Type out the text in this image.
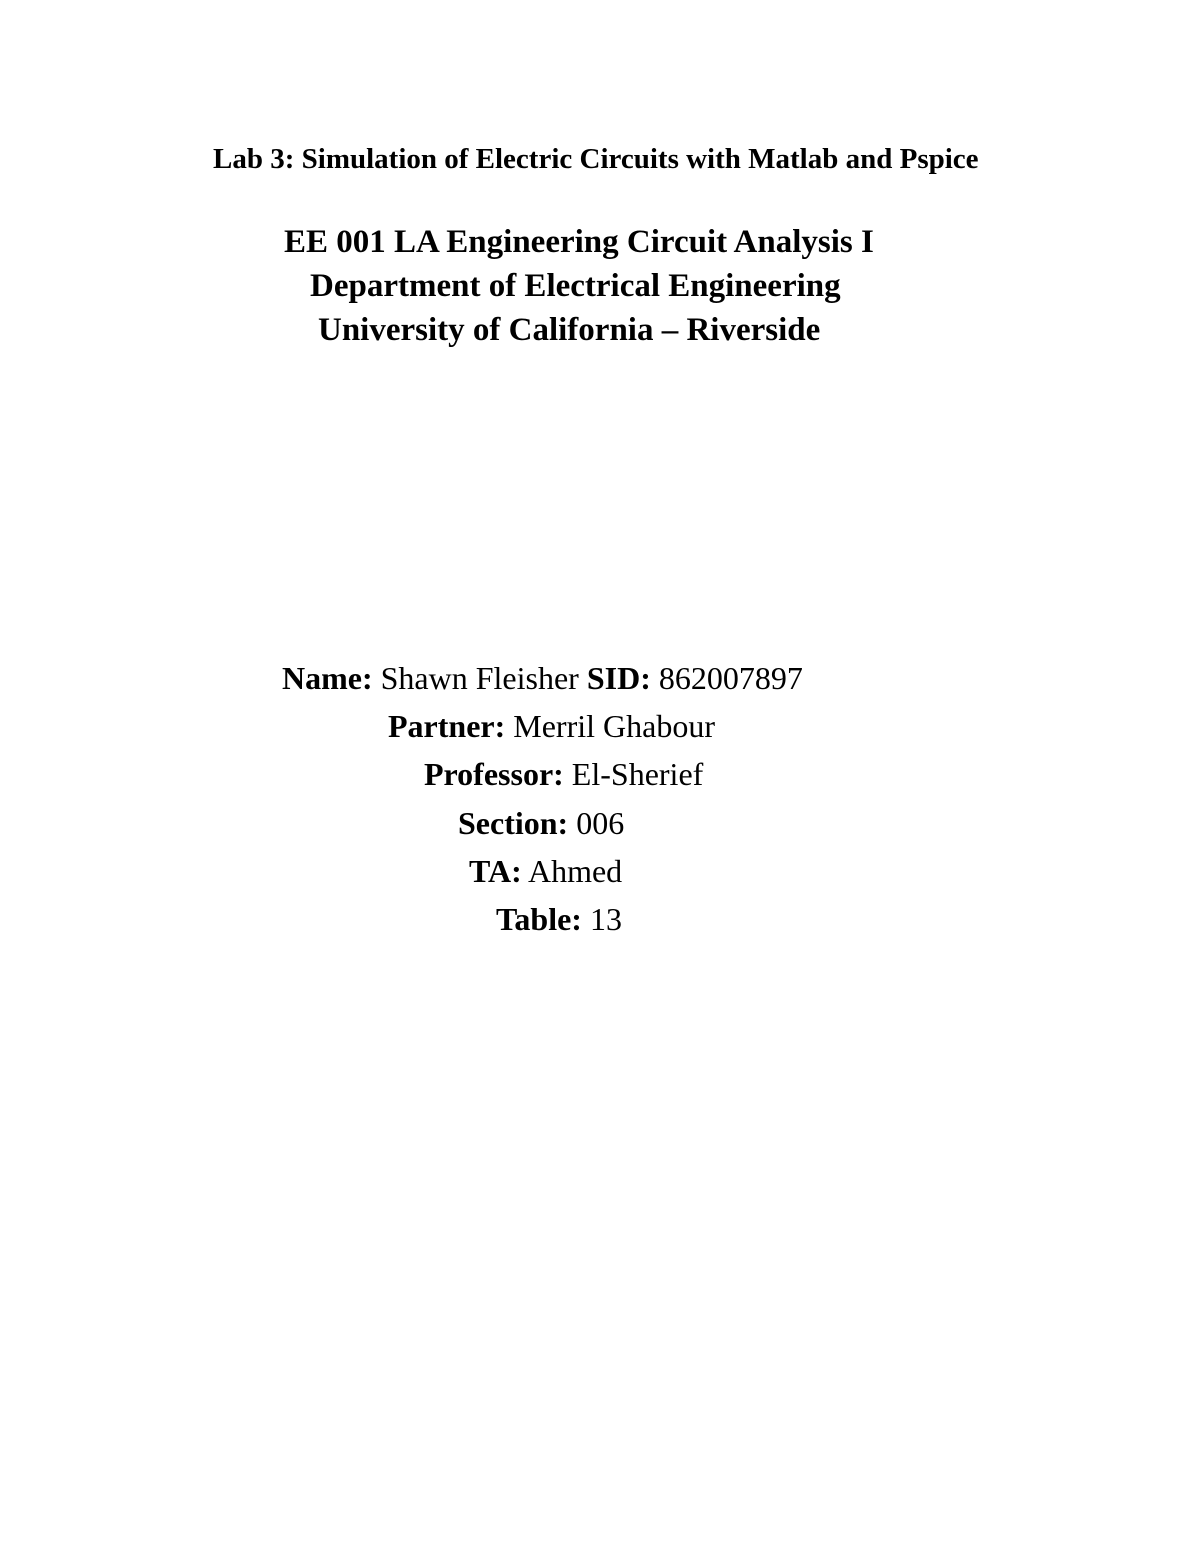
Lab 3: Simulation of Electric Circuits with Matlab and Pspice
EE 001 LA Engineering Circuit Analysis I
Department of Electrical Engineering
University of California – Riverside
Name: Shawn Fleisher SID: 862007897
Partner: Merril Ghabour
Professor: El-Sherief
Section: 006
TA: Ahmed
Table: 13
